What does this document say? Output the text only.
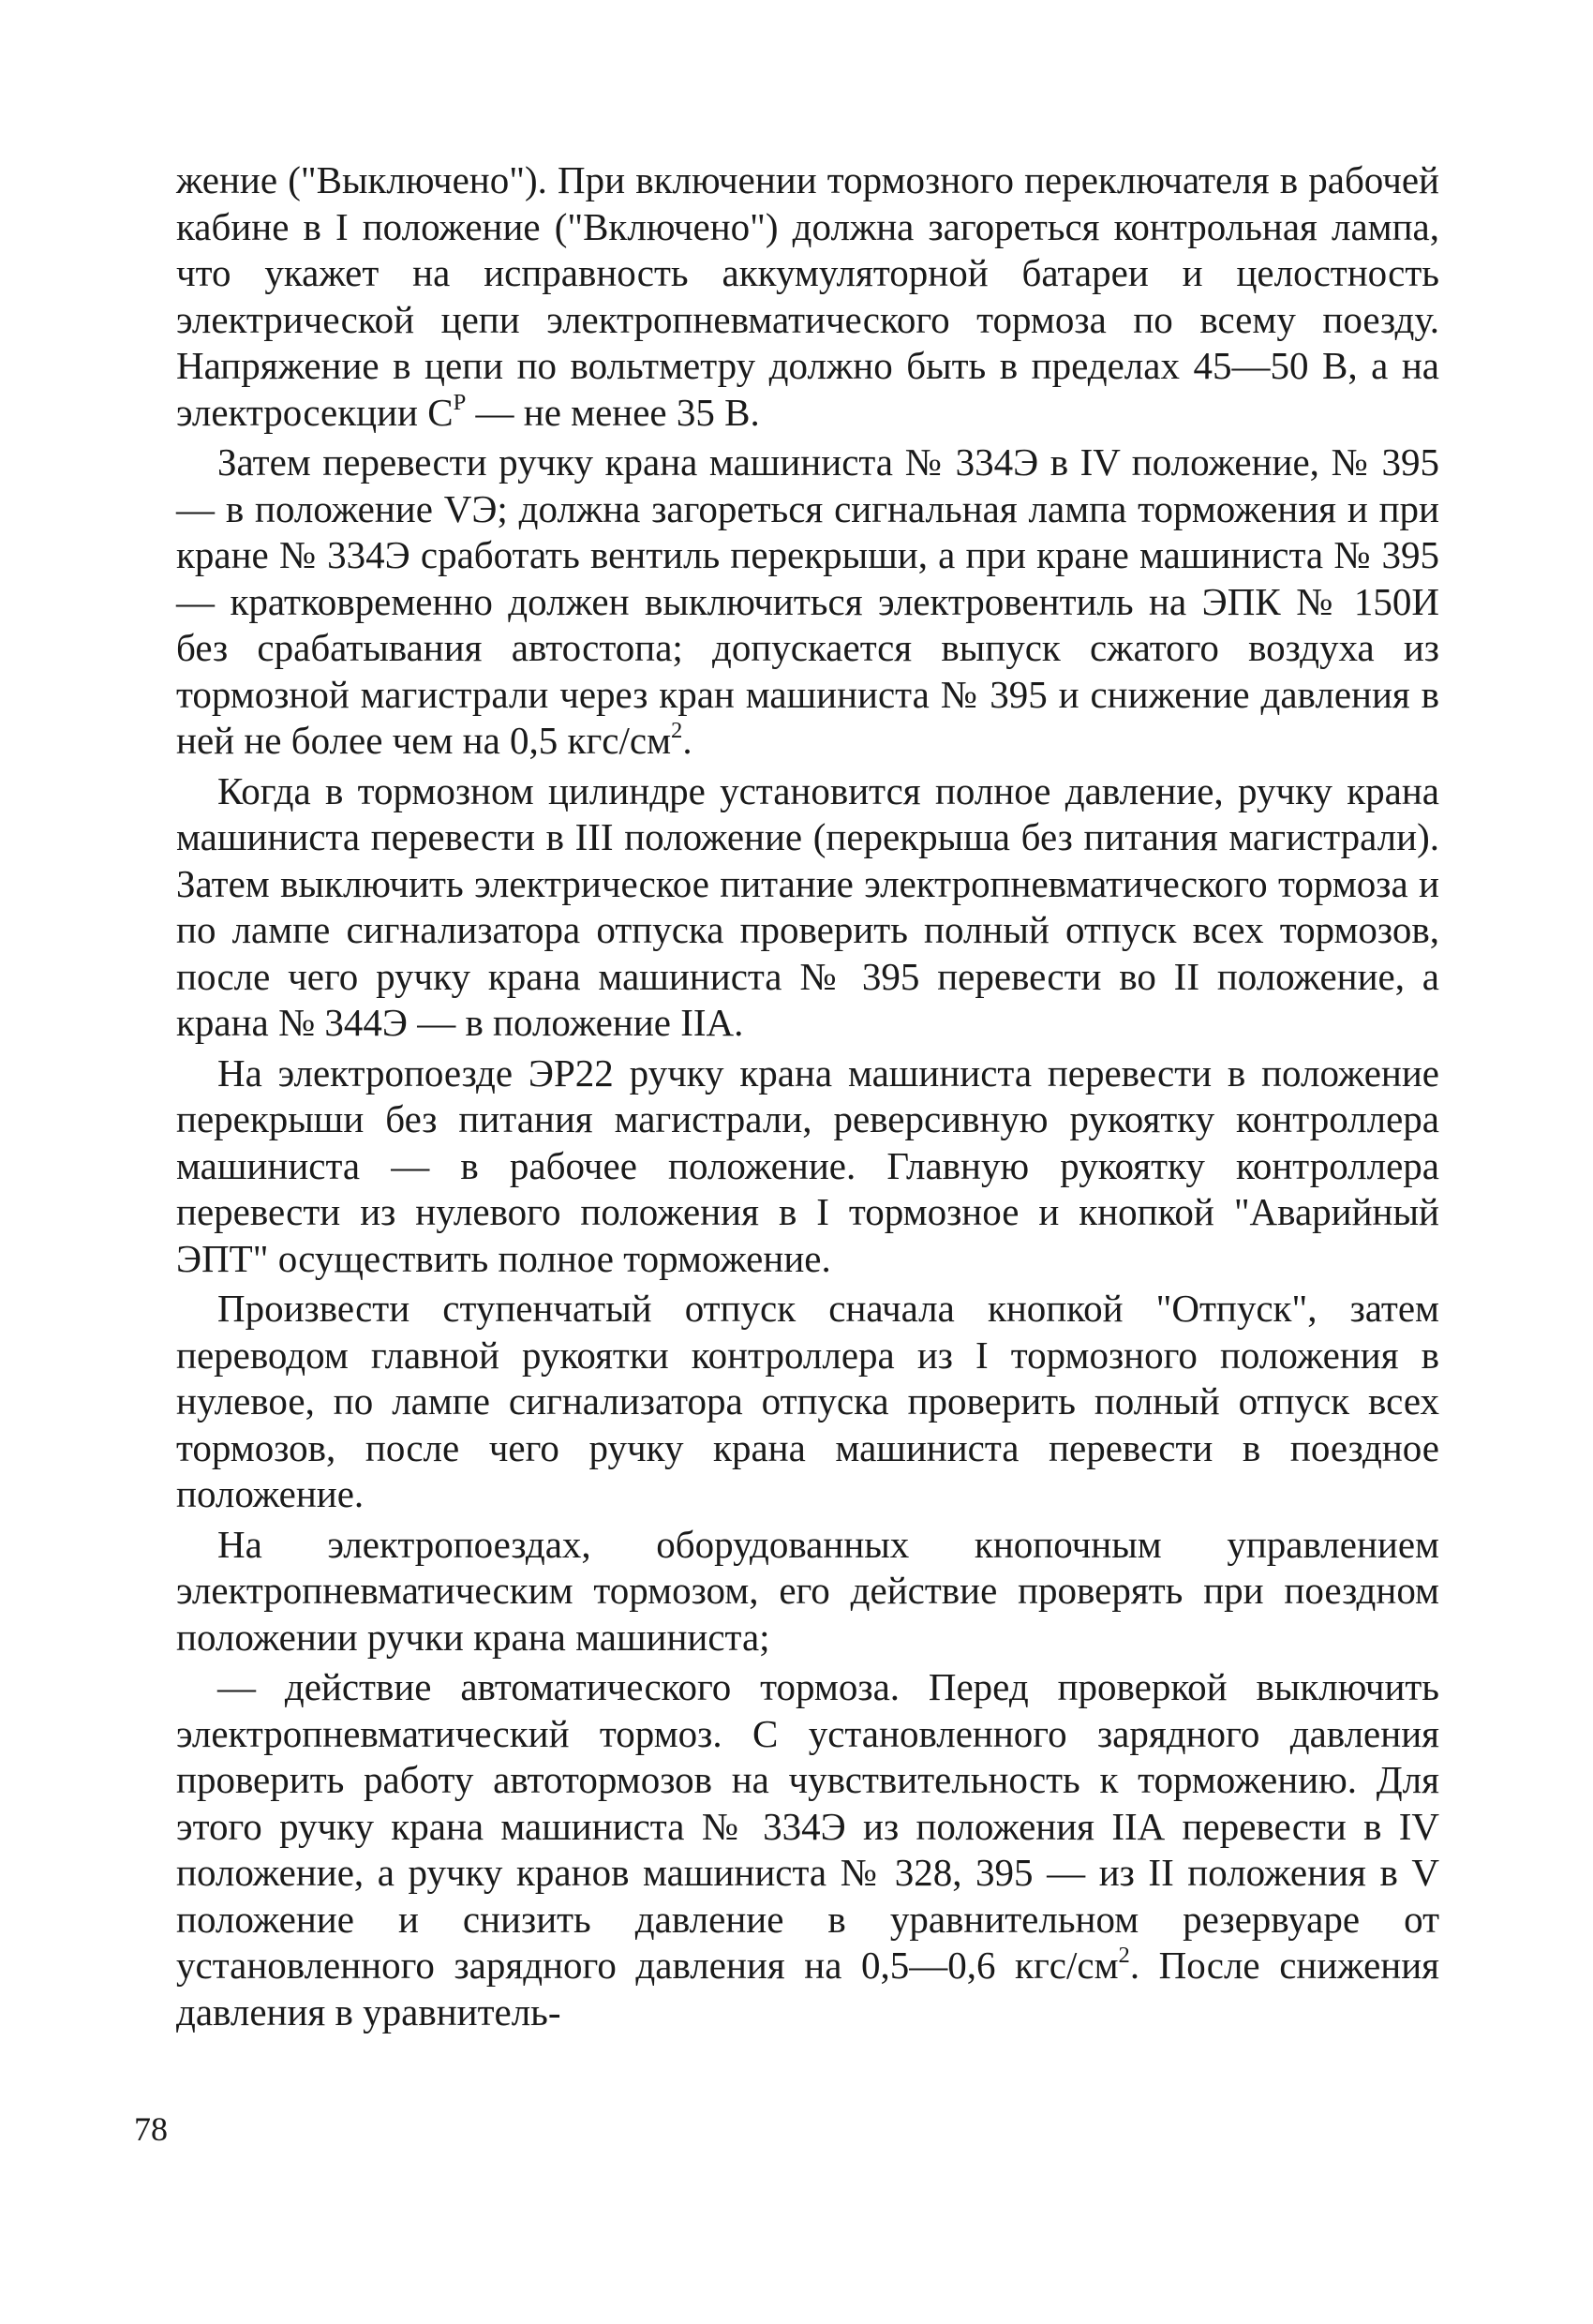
жение ("Выключено"). При включении тормозного переключателя в рабочей кабине в I положение ("Включено") должна загореться контрольная лампа, что укажет на исправность аккумуляторной батареи и целостность электрической цепи электропневматического тормоза по всему поезду. Напряжение в цепи по вольтметру должно быть в пределах 45—50 В, а на электросекции $С^Р$ — не менее 35 В.

Затем перевести ручку крана машиниста № 334Э в IV положение, № 395 — в положение VЭ; должна загореться сигнальная лампа торможения и при кране № 334Э сработать вентиль перекрыши, а при кране машиниста № 395 — кратковременно должен выключиться электровентиль на ЭПК № 150И без срабатывания автостопа; допускается выпуск сжатого воздуха из тормозной магистрали через кран машиниста № 395 и снижение давления в ней не более чем на 0,5 кгс/$см^2$.

Когда в тормозном цилиндре установится полное давление, ручку крана машиниста перевести в III положение (перекрыша без питания магистрали). Затем выключить электрическое питание электропневматического тормоза и по лампе сигнализатора отпуска проверить полный отпуск всех тормозов, после чего ручку крана машиниста № 395 перевести во II положение, а крана № 344Э — в положение IIА.

На электропоезде ЭР22 ручку крана машиниста перевести в положение перекрыши без питания магистрали, реверсивную рукоятку контроллера машиниста — в рабочее положение. Главную рукоятку контроллера перевести из нулевого положения в I тормозное и кнопкой "Аварийный ЭПТ" осуществить полное торможение.

Произвести ступенчатый отпуск сначала кнопкой "Отпуск", затем переводом главной рукоятки контроллера из I тормозного положения в нулевое, по лампе сигнализатора отпуска проверить полный отпуск всех тормозов, после чего ручку крана машиниста перевести в поездное положение.

На электропоездах, оборудованных кнопочным управлением электропневматическим тормозом, его действие проверять при поездном положении ручки крана машиниста;

— действие автоматического тормоза. Перед проверкой выключить электропневматический тормоз. С установленного зарядного давления проверить работу автотормозов на чувствительность к торможению. Для этого ручку крана машиниста № 334Э из положения IIА перевести в IV положение, а ручку кранов машиниста № 328, 395 — из II положения в V положение и снизить давление в уравнительном резервуаре от установленного зарядного давления на 0,5—0,6 кгс/$см^2$. После снижения давления в уравнитель-

78
